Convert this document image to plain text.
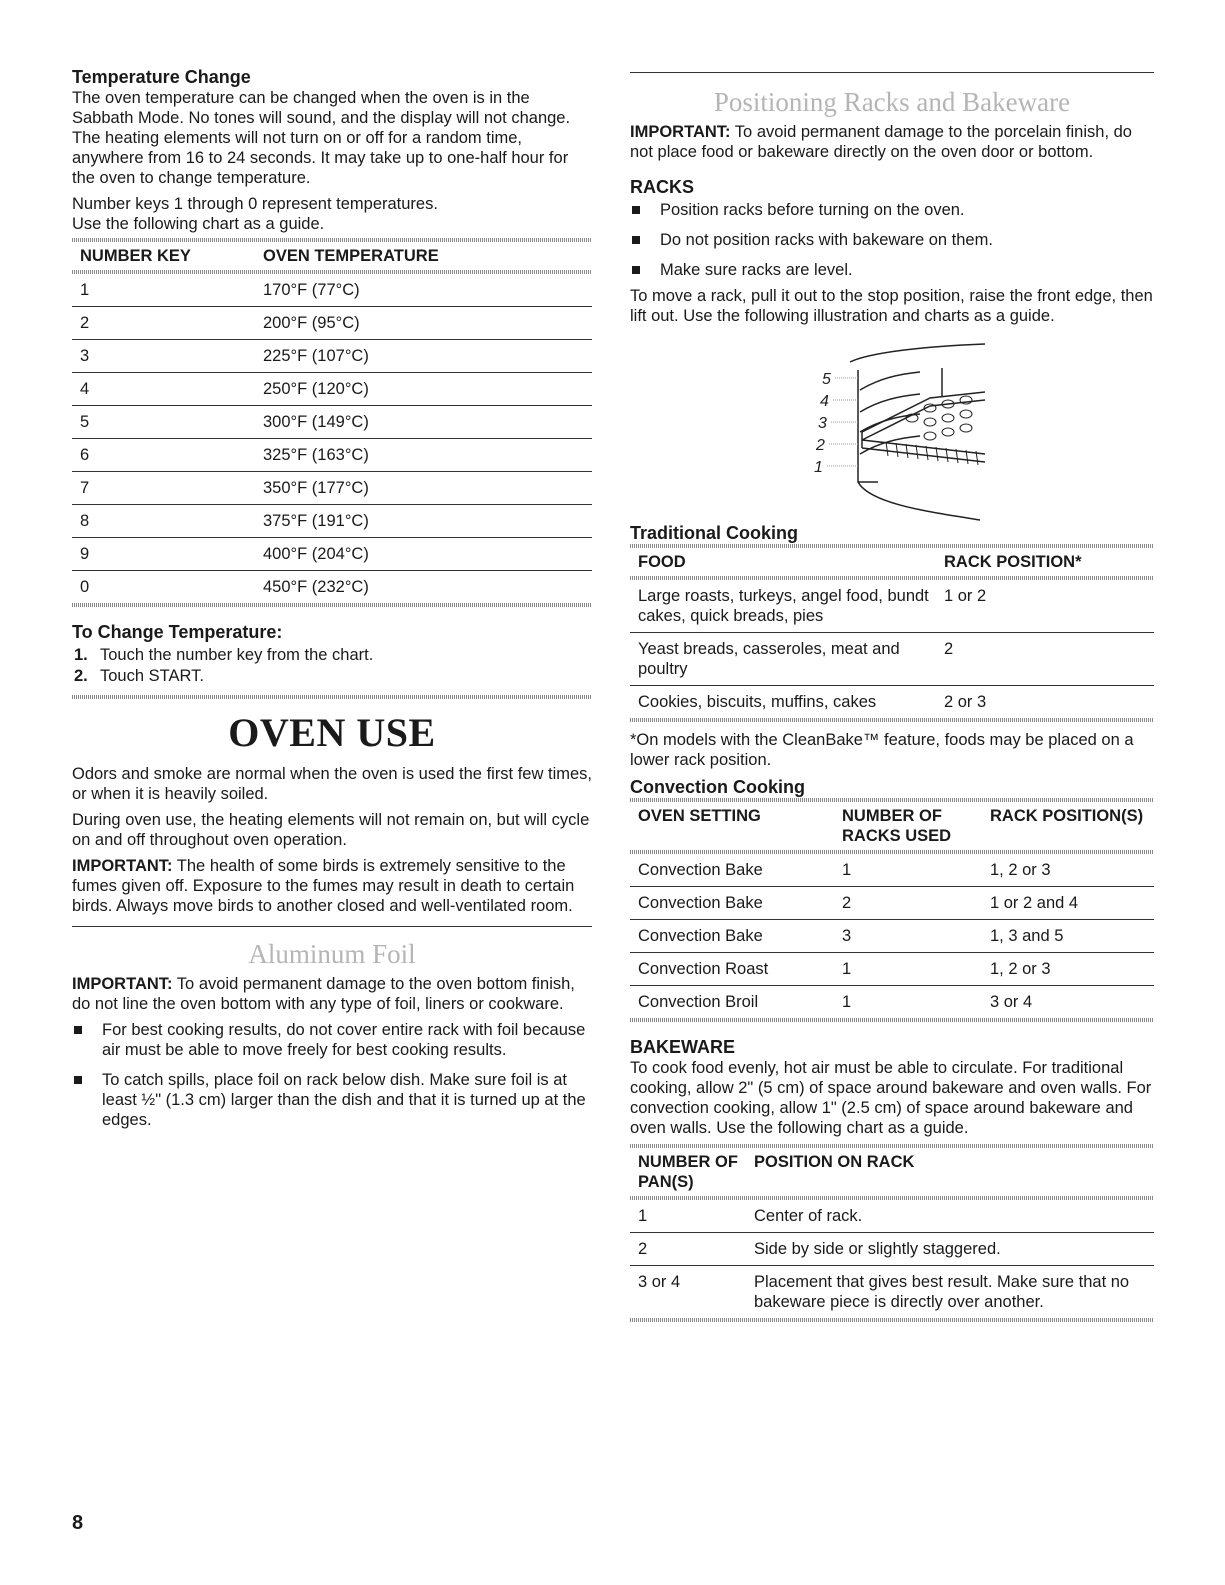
Temperature Change

The oven temperature can be changed when the oven is in the Sabbath Mode. No tones will sound, and the display will not change. The heating elements will not turn on or off for a random time, anywhere from 16 to 24 seconds. It may take up to one-half hour for the oven to change temperature.

Number keys 1 through 0 represent temperatures.
Use the following chart as a guide.

NUMBER KEY	OVEN TEMPERATURE

1	170°F (77°C)
2	200°F (95°C)
3	225°F (107°C)
4	250°F (120°C)
5	300°F (149°C)
6	325°F (163°C)
7	350°F (177°C)
8	375°F (191°C)
9	400°F (204°C)
0	450°F (232°C)
To Change Temperature:
1. Touch the number key from the chart.
2. Touch START.
OVEN USE

Odors and smoke are normal when the oven is used the first few times, or when it is heavily soiled.

During oven use, the heating elements will not remain on, but will cycle on and off throughout oven operation.

IMPORTANT: The health of some birds is extremely sensitive to the fumes given off. Exposure to the fumes may result in death to certain birds. Always move birds to another closed and well-ventilated room.

Aluminum Foil

IMPORTANT: To avoid permanent damage to the oven bottom finish, do not line the oven bottom with any type of foil, liners or cookware.

For best cooking results, do not cover entire rack with foil because air must be able to move freely for best cooking results.
To catch spills, place foil on rack below dish. Make sure foil is at least ½" (1.3 cm) larger than the dish and that it is turned up at the edges.
Positioning Racks and Bakeware

IMPORTANT: To avoid permanent damage to the porcelain finish, do not place food or bakeware directly on the oven door or bottom.

RACKS
Position racks before turning on the oven.
Do not position racks with bakeware on them.
Make sure racks are level.

To move a rack, pull it out to the stop position, raise the front edge, then lift out. Use the following illustration and charts as a guide.

5
4
3
2
1
Traditional Cooking
FOOD	RACK POSITION*

Large roasts, turkeys, angel food, bundt cakes, quick breads, pies	1 or 2
Yeast breads, casseroles, meat and poultry	2
Cookies, biscuits, muffins, cakes	2 or 3

*On models with the CleanBake™ feature, foods may be placed on a lower rack position.

Convection Cooking
OVEN SETTING	NUMBER OF RACKS USED	RACK POSITION(S)

Convection Bake	1	1, 2 or 3
Convection Bake	2	1 or 2 and 4
Convection Bake	3	1, 3 and 5
Convection Roast	1	1, 2 or 3
Convection Broil	1	3 or 4
BAKEWARE

To cook food evenly, hot air must be able to circulate. For traditional cooking, allow 2" (5 cm) of space around bakeware and oven walls. For convection cooking, allow 1" (2.5 cm) of space around bakeware and oven walls. Use the following chart as a guide.

NUMBER OF PAN(S)	POSITION ON RACK

1	Center of rack.
2	Side by side or slightly staggered.
3 or 4	Placement that gives best result. Make sure that no bakeware piece is directly over another.
8
